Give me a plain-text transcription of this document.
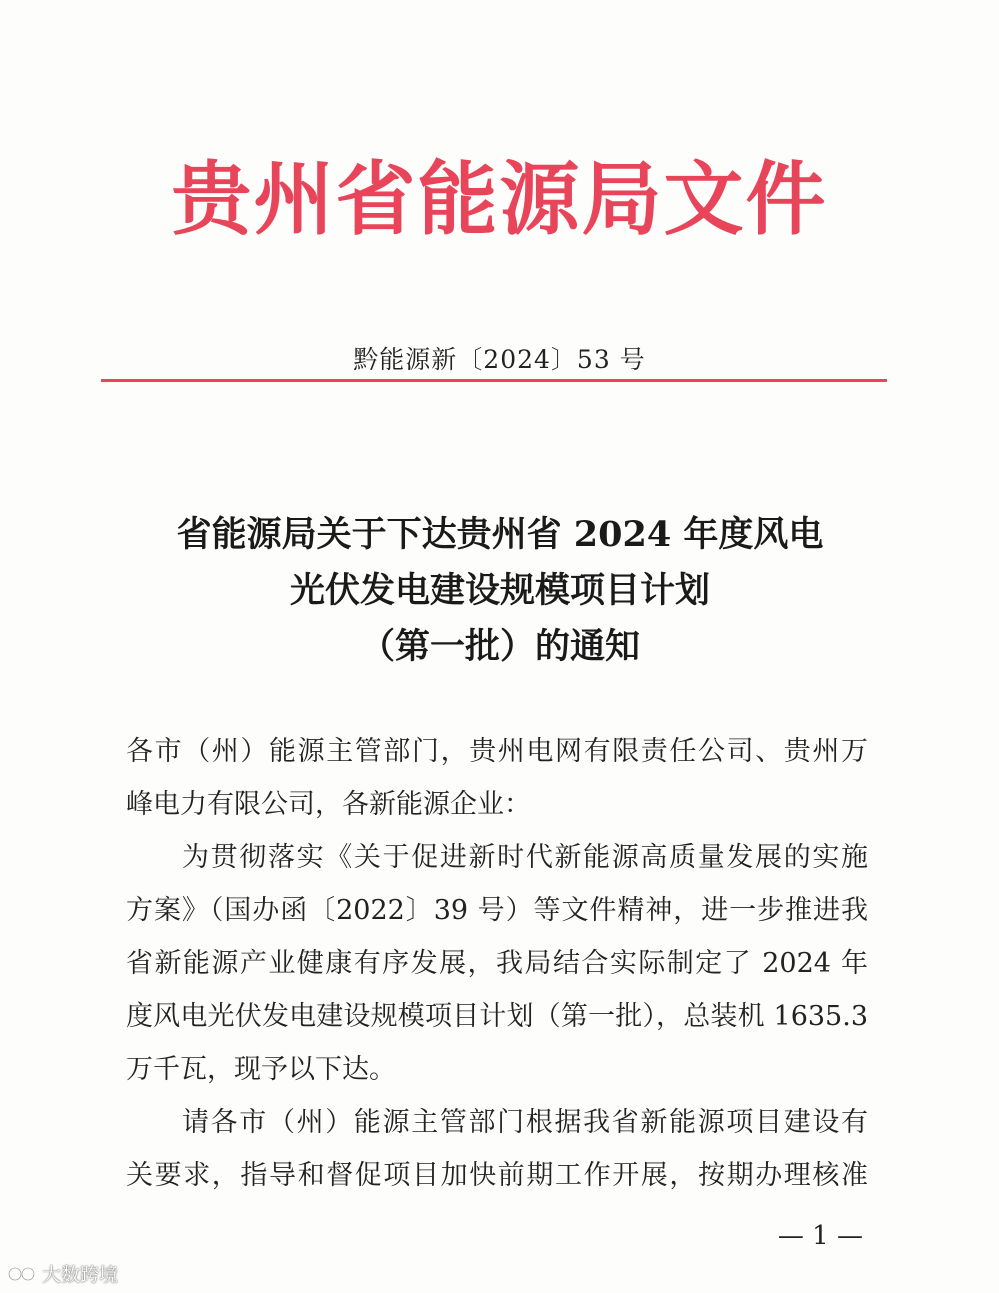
贵州省能源局文件
黔能源新〔2024〕53 号
省能源局关于下达贵州省 2024 年度风电
光伏发电建设规模项目计划
（第一批）的通知
各市（州）能源主管部门，贵州电网有限责任公司、贵州万
峰电力有限公司，各新能源企业：
为贯彻落实《关于促进新时代新能源高质量发展的实施
方案》（国办函〔2022〕39 号）等文件精神，进一步推进我
省新能源产业健康有序发展，我局结合实际制定了 2024 年
度风电光伏发电建设规模项目计划（第一批），总装机 1635.3
万千瓦，现予以下达。
请各市（州）能源主管部门根据我省新能源项目建设有
关要求，指导和督促项目加快前期工作开展，按期办理核准
— 1 —
大数跨境
